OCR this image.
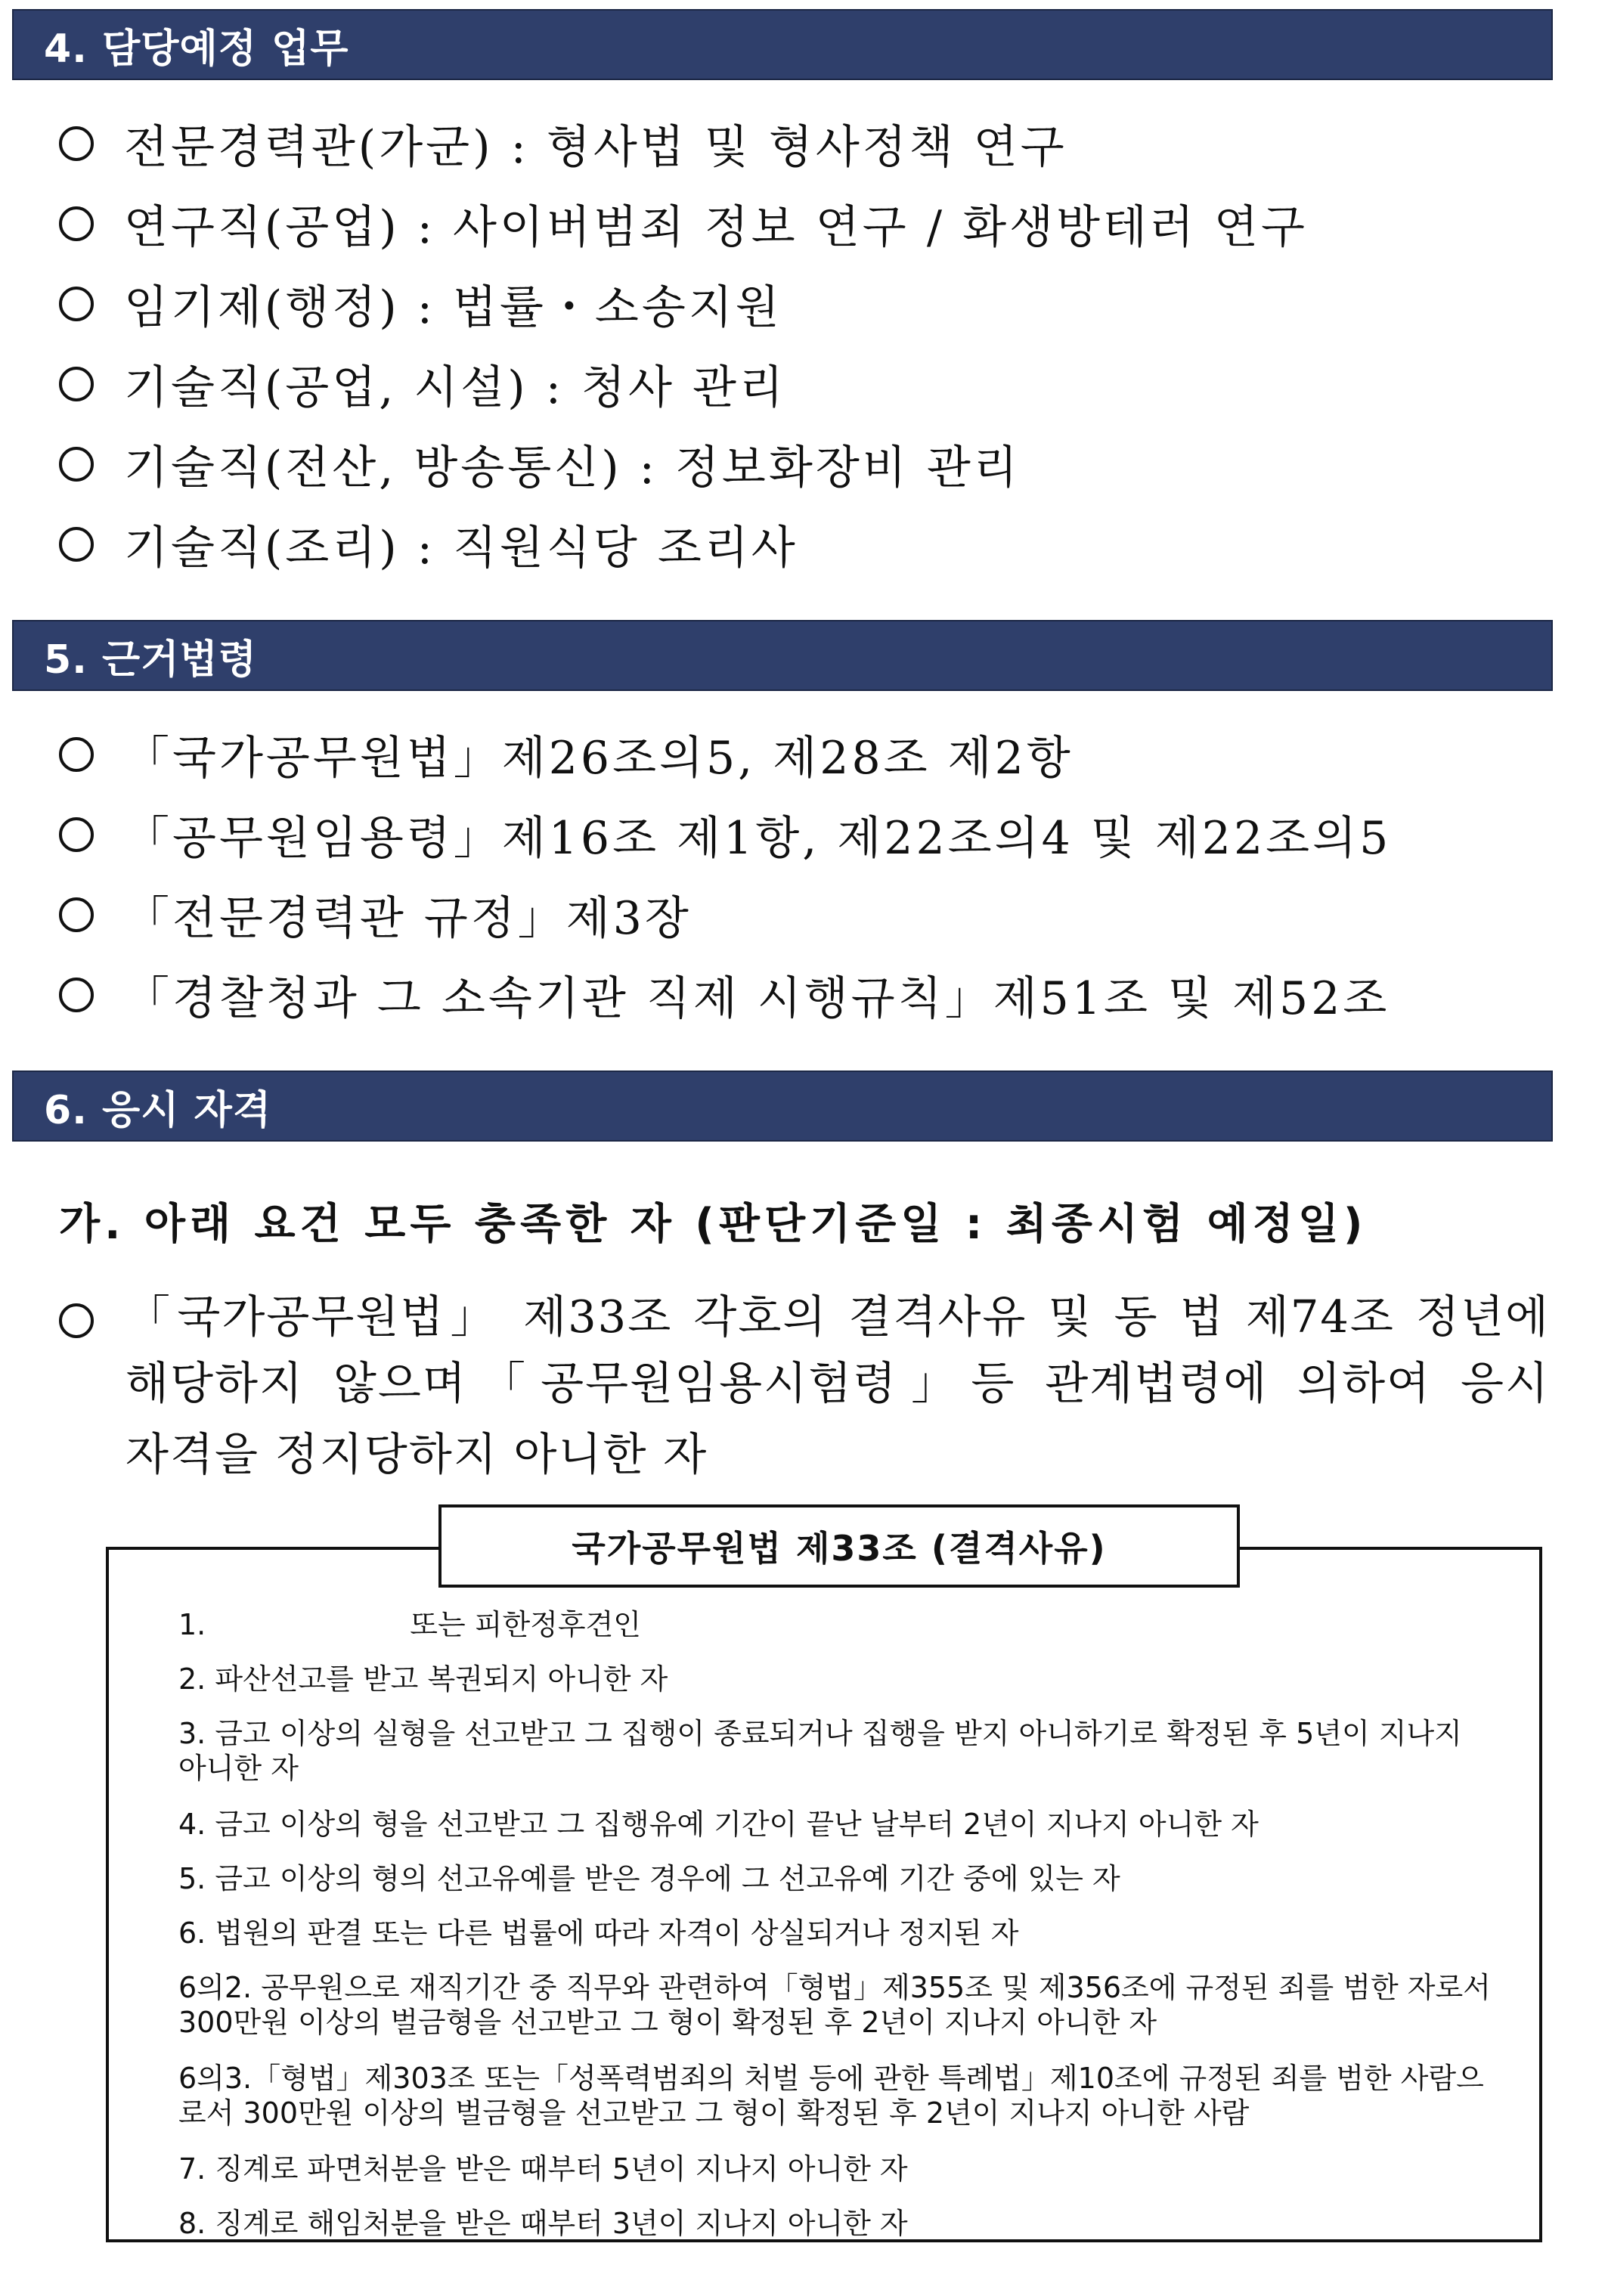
4. 담당예정 업무
전문경력관(가군) : 형사법 및 형사정책 연구
연구직(공업) : 사이버범죄 정보 연구 / 화생방테러 연구
임기제(행정) : 법률・소송지원
기술직(공업, 시설) : 청사 관리
기술직(전산, 방송통신) : 정보화장비 관리
기술직(조리) : 직원식당 조리사
5. 근거법령
「국가공무원법」제26조의5, 제28조 제2항
「공무원임용령」제16조 제1항, 제22조의4 및 제22조의5
「전문경력관 규정」제3장
「경찰청과 그 소속기관 직제 시행규칙」제51조 및 제52조
6. 응시 자격
가. 아래 요건 모두 충족한 자 (판단기준일 : 최종시험 예정일)
「국가공무원법」 제33조 각호의 결격사유 및 동 법 제74조 정년에
해당하지 않으며「공무원임용시험령」등 관계법령에 의하여 응시
자격을 정지당하지 아니한 자
국가공무원법 제33조 (결격사유)
1.	또는 피한정후견인
2. 파산선고를 받고 복권되지 아니한 자
3. 금고 이상의 실형을 선고받고 그 집행이 종료되거나 집행을 받지 아니하기로 확정된 후 5년이 지나지 아니한 자
4. 금고 이상의 형을 선고받고 그 집행유예 기간이 끝난 날부터 2년이 지나지 아니한 자
5. 금고 이상의 형의 선고유예를 받은 경우에 그 선고유예 기간 중에 있는 자
6. 법원의 판결 또는 다른 법률에 따라 자격이 상실되거나 정지된 자
6의2. 공무원으로 재직기간 중 직무와 관련하여「형법」제355조 및 제356조에 규정된 죄를 범한 자로서 300만원 이상의 벌금형을 선고받고 그 형이 확정된 후 2년이 지나지 아니한 자
6의3.「형법」제303조 또는「성폭력범죄의 처벌 등에 관한 특례법」제10조에 규정된 죄를 범한 사람으로서 300만원 이상의 벌금형을 선고받고 그 형이 확정된 후 2년이 지나지 아니한 사람
7. 징계로 파면처분을 받은 때부터 5년이 지나지 아니한 자
8. 징계로 해임처분을 받은 때부터 3년이 지나지 아니한 자
